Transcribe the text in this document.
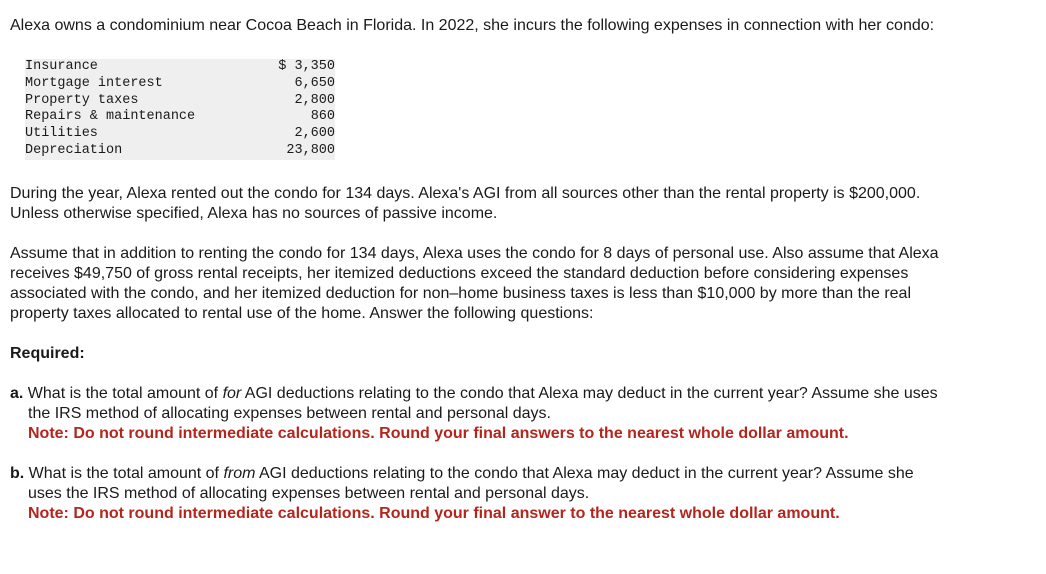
Alexa owns a condominium near Cocoa Beach in Florida. In 2022, she incurs the following expenses in connection with her condo:

Insurance	$ 3,350
Mortgage interest	6,650
Property taxes	2,800
Repairs & maintenance	860
Utilities	2,600
Depreciation	23,800

During the year, Alexa rented out the condo for 134 days. Alexa's AGI from all sources other than the rental property is $200,000. Unless otherwise specified, Alexa has no sources of passive income.

Assume that in addition to renting the condo for 134 days, Alexa uses the condo for 8 days of personal use. Also assume that Alexa receives $49,750 of gross rental receipts, her itemized deductions exceed the standard deduction before considering expenses associated with the condo, and her itemized deduction for non–home business taxes is less than $10,000 by more than the real property taxes allocated to rental use of the home. Answer the following questions:

Required:

a. What is the total amount of for AGI deductions relating to the condo that Alexa may deduct in the current year? Assume she uses the IRS method of allocating expenses between rental and personal days.

Note: Do not round intermediate calculations. Round your final answers to the nearest whole dollar amount.

b. What is the total amount of from AGI deductions relating to the condo that Alexa may deduct in the current year? Assume she uses the IRS method of allocating expenses between rental and personal days.

Note: Do not round intermediate calculations. Round your final answer to the nearest whole dollar amount.
